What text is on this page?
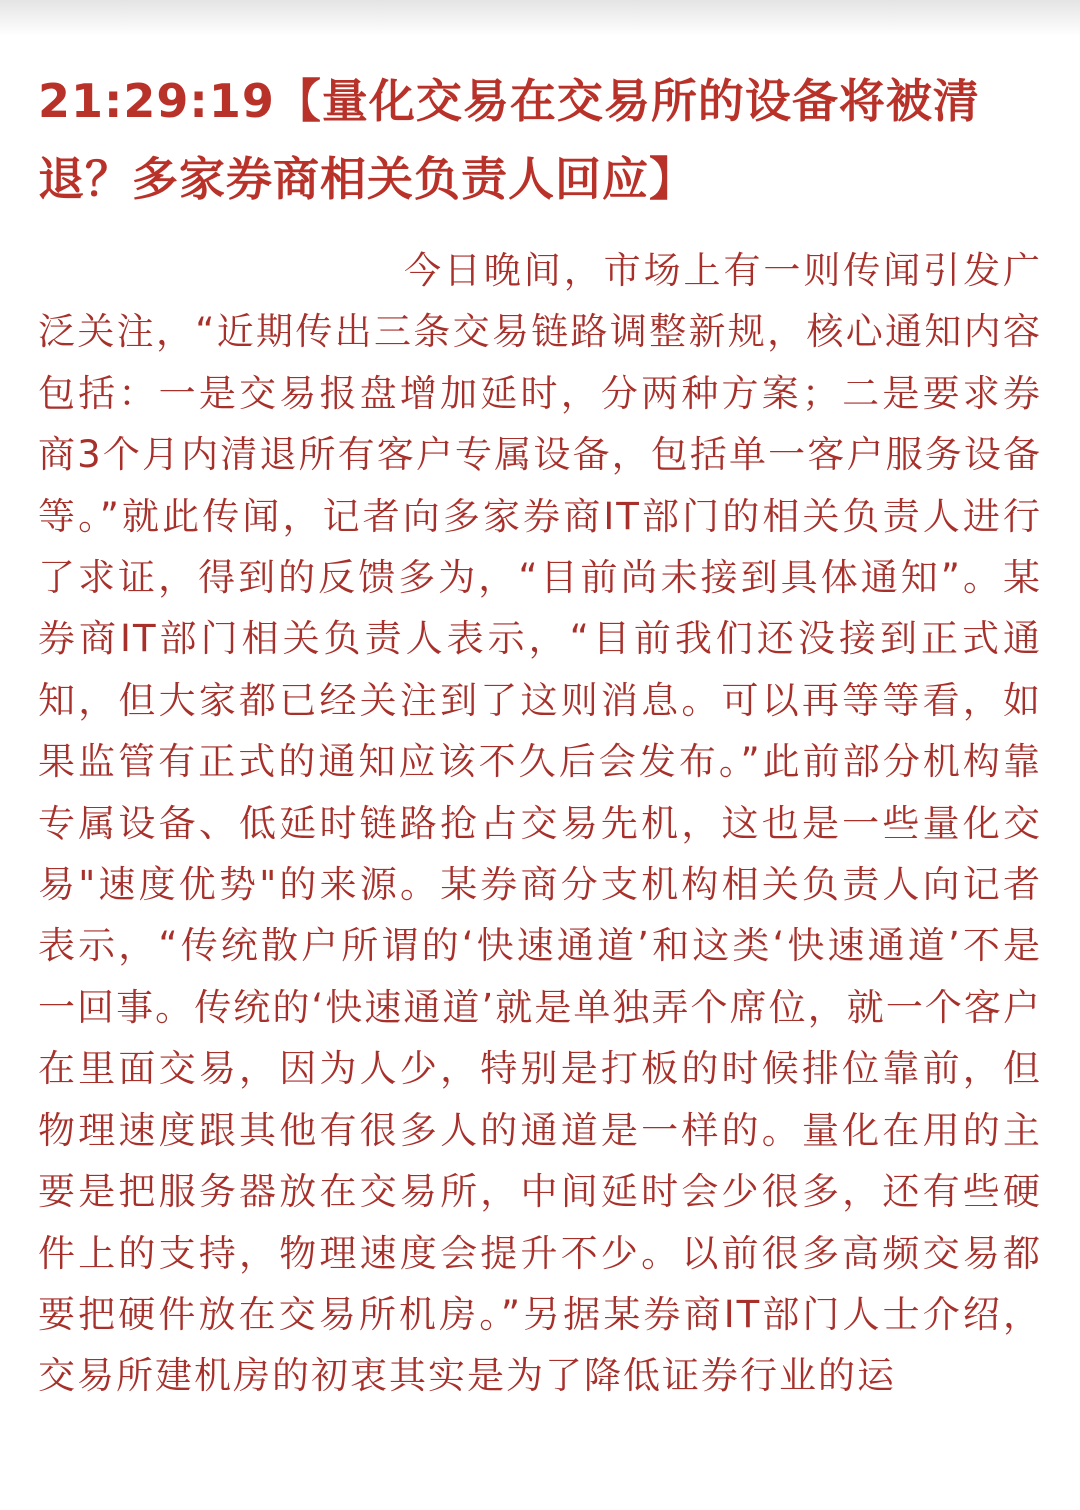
21:29:19【量化交易在交易所的设备将被清退？多家券商相关负责人回应】

今日晚间，市场上有一则传闻引发广泛关注，“近期传出三条交易链路调整新规，核心通知内容包括：一是交易报盘增加延时，分两种方案；二是要求券商3个月内清退所有客户专属设备，包括单一客户服务设备等。”就此传闻，记者向多家券商IT部门的相关负责人进行了求证，得到的反馈多为，“目前尚未接到具体通知”。某券商IT部门相关负责人表示，“目前我们还没接到正式通知，但大家都已经关注到了这则消息。可以再等等看，如果监管有正式的通知应该不久后会发布。”此前部分机构靠专属设备、低延时链路抢占交易先机，这也是一些量化交易"速度优势"的来源。某券商分支机构相关负责人向记者表示，“传统散户所谓的‘快速通道’和这类‘快速通道’不是一回事。传统的‘快速通道’就是单独弄个席位，就一个客户在里面交易，因为人少，特别是打板的时候排位靠前，但物理速度跟其他有很多人的通道是一样的。量化在用的主要是把服务器放在交易所，中间延时会少很多，还有些硬件上的支持，物理速度会提升不少。以前很多高频交易都要把硬件放在交易所机房。”另据某券商IT部门人士介绍，交易所建机房的初衷其实是为了降低证券行业的运
